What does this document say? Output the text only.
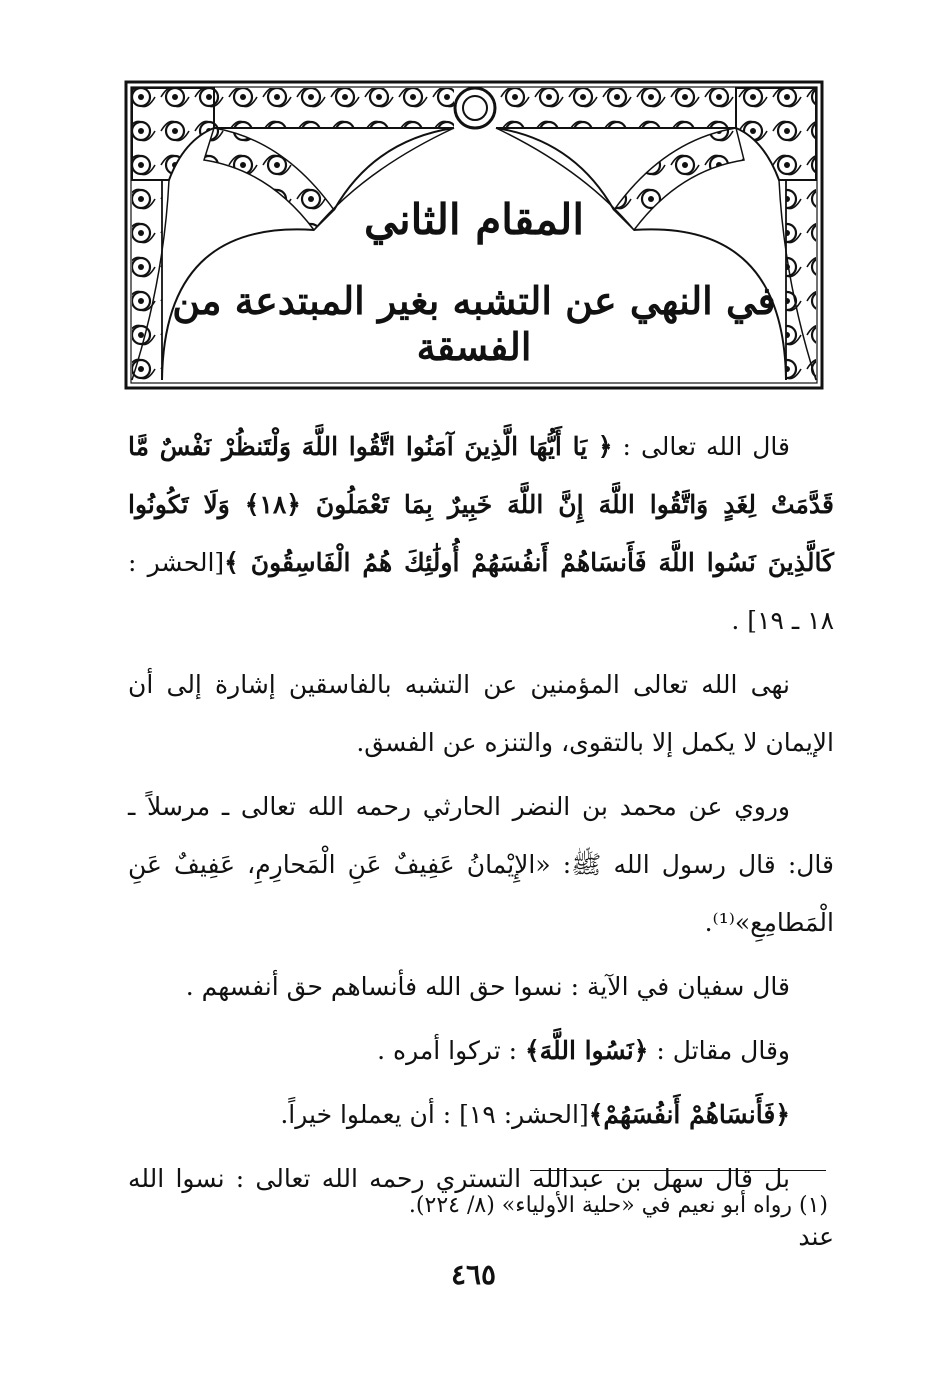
المقام الثاني
في النهي عن التشبه بغير المبتدعة من الفسقة

قال الله تعالى : ﴿ يَا أَيُّهَا الَّذِينَ آمَنُوا اتَّقُوا اللَّهَ وَلْتَنظُرْ نَفْسٌ مَّا قَدَّمَتْ لِغَدٍ وَاتَّقُوا اللَّهَ إِنَّ اللَّهَ خَبِيرٌ بِمَا تَعْمَلُونَ ﴿١٨﴾ وَلَا تَكُونُوا كَالَّذِينَ نَسُوا اللَّهَ فَأَنسَاهُمْ أَنفُسَهُمْ أُولَٰئِكَ هُمُ الْفَاسِقُونَ ﴾[الحشر : ١٨ ـ ١٩] .

نهى الله تعالى المؤمنين عن التشبه بالفاسقين إشارة إلى أن الإيمان لا يكمل إلا بالتقوى، والتنزه عن الفسق.

وروي عن محمد بن النضر الحارثي رحمه الله تعالى ـ مرسلاً ـ قال: قال رسول الله ﷺ: «الإِيْمانُ عَفِيفٌ عَنِ الْمَحارِمِ، عَفِيفٌ عَنِ الْمَطامِعِ»⁽¹⁾.

قال سفيان في الآية : نسوا حق الله فأنساهم حق أنفسهم .

وقال مقاتل : ﴿نَسُوا اللَّهَ﴾ : تركوا أمره .

﴿فَأَنسَاهُمْ أَنفُسَهُمْ﴾[الحشر: ١٩] : أن يعملوا خيراً.

بل قال سهل بن عبدالله التستري رحمه الله تعالى : نسوا الله عند

(١) رواه أبو نعيم في «حلية الأولياء» (٨/ ٢٢٤).
٤٦٥
